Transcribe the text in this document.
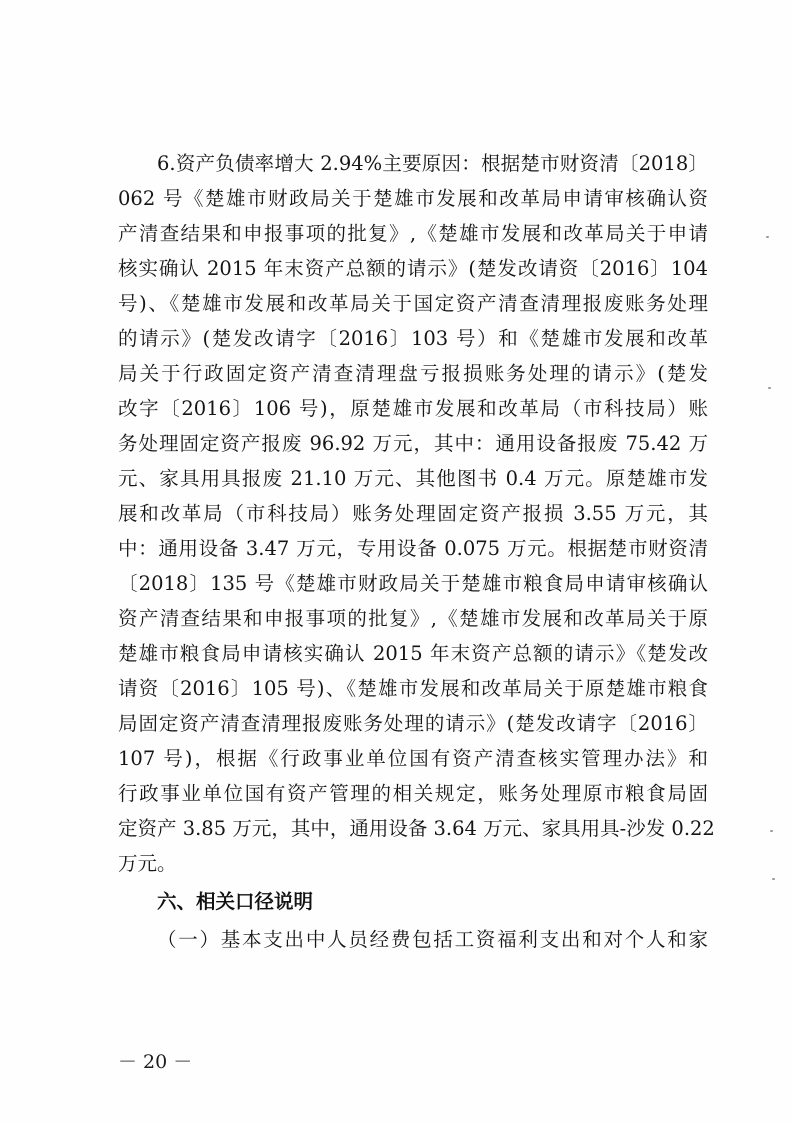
6.资产负债率增大 2.94%主要原因：根据楚市财资清〔2018〕
062 号《楚雄市财政局关于楚雄市发展和改革局申请审核确认资
产清查结果和申报事项的批复》,《楚雄市发展和改革局关于申请
核实确认 2015 年末资产总额的请示》(楚发改请资〔2016〕104
号)、《楚雄市发展和改革局关于国定资产清查清理报废账务处理
的请示》(楚发改请字〔2016〕103 号）和《楚雄市发展和改革
局关于行政固定资产清查清理盘亏报损账务处理的请示》(楚发
改字〔2016〕106 号)，原楚雄市发展和改革局（市科技局）账
务处理固定资产报废 96.92 万元，其中：通用设备报废 75.42 万
元、家具用具报废 21.10 万元、其他图书 0.4 万元。原楚雄市发
展和改革局（市科技局）账务处理固定资产报损 3.55 万元，其
中：通用设备 3.47 万元，专用设备 0.075 万元。根据楚市财资清
〔2018〕135 号《楚雄市财政局关于楚雄市粮食局申请审核确认
资产清查结果和申报事项的批复》,《楚雄市发展和改革局关于原
楚雄市粮食局申请核实确认 2015 年末资产总额的请示》《楚发改
请资〔2016〕105 号)、《楚雄市发展和改革局关于原楚雄市粮食
局固定资产清查清理报废账务处理的请示》(楚发改请字〔2016〕
107 号)，根据《行政事业单位国有资产清查核实管理办法》和
行政事业单位国有资产管理的相关规定，账务处理原市粮食局固
定资产 3.85 万元，其中，通用设备 3.64 万元、家具用具-沙发 0.22
万元。
六、相关口径说明
（一）基本支出中人员经费包括工资福利支出和对个人和家
－ 20 －
